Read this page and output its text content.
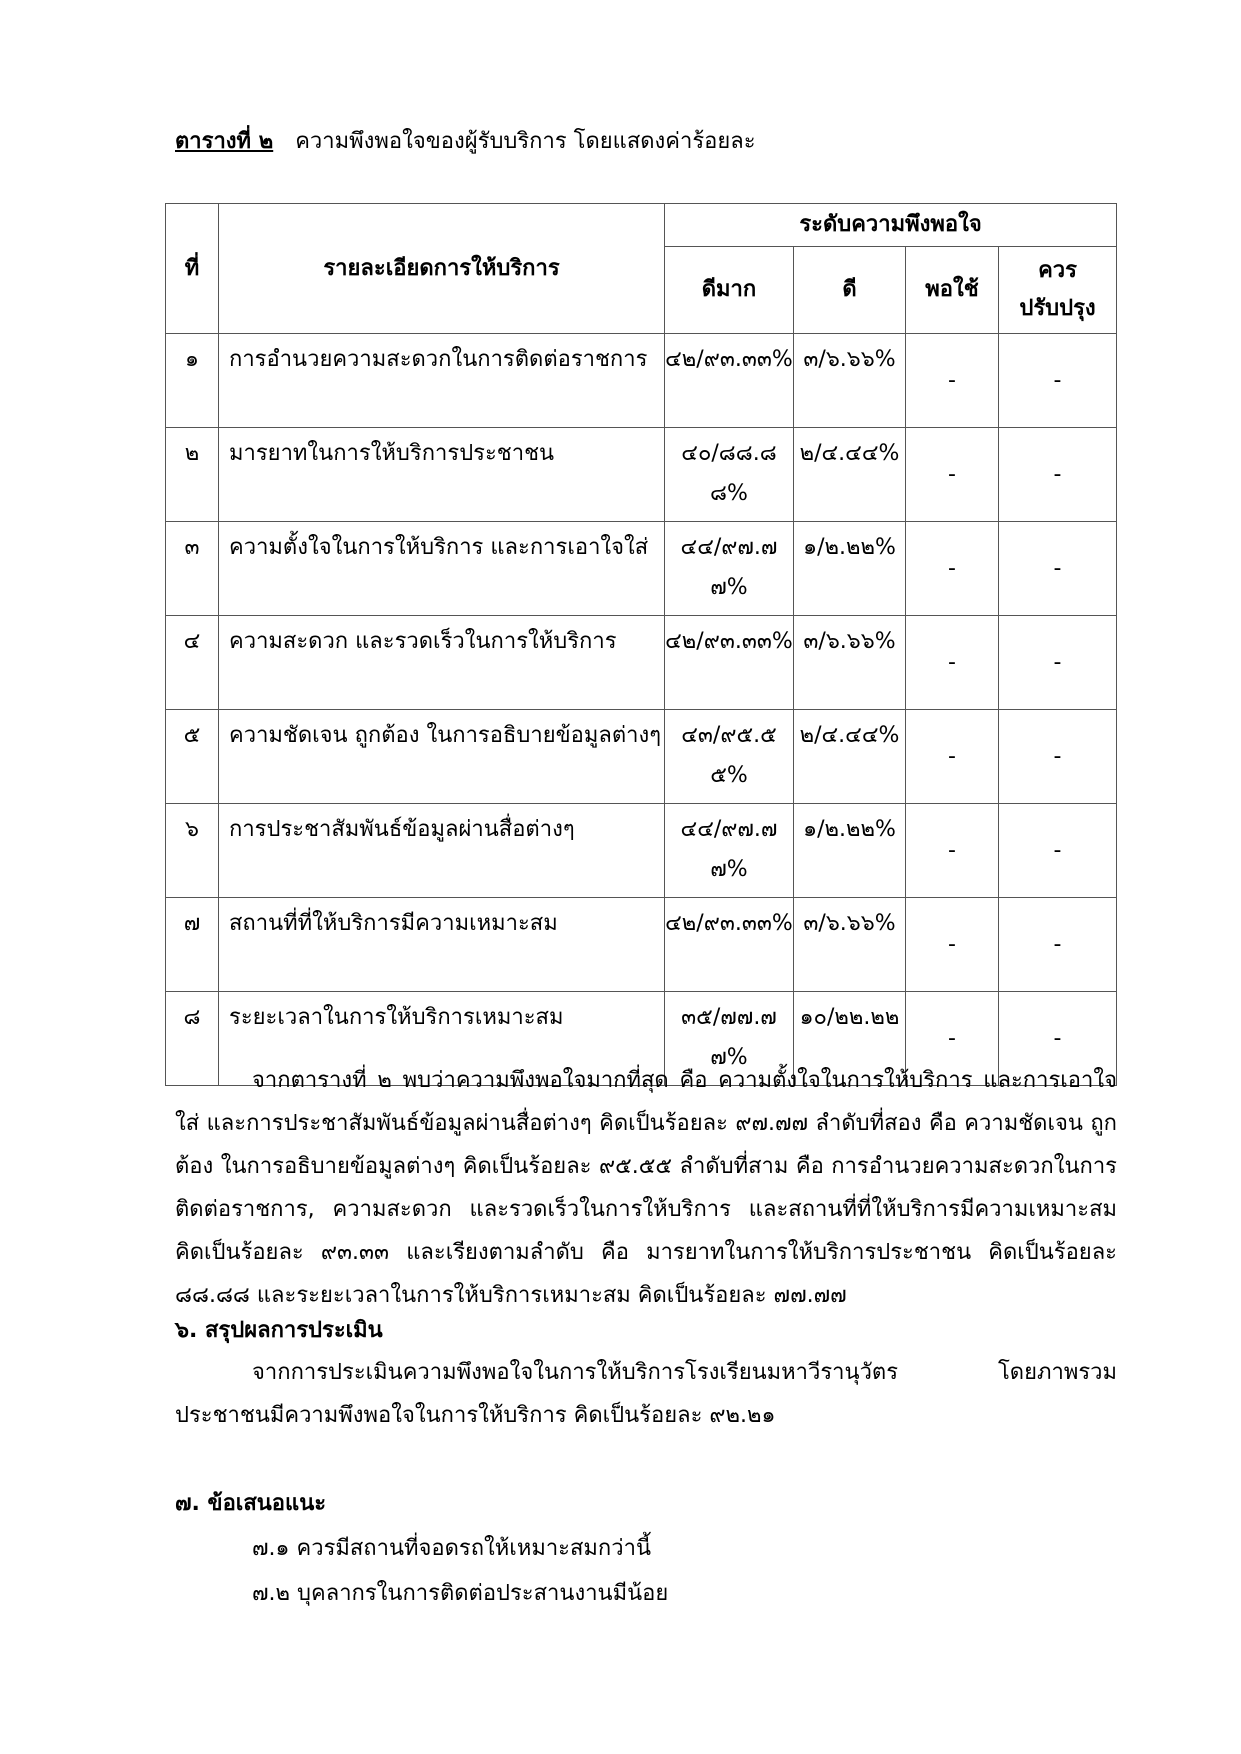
ตารางที่ ๒ ความพึงพอใจของผู้รับบริการ โดยแสดงค่าร้อยละ
ที่	รายละเอียดการให้บริการ	ระดับความพึงพอใจ			
		ดีมาก	ดี	พอใช้	ควร ปรับปรุง
๑	การอำนวยความสะดวกในการติดต่อราชการ	๔๒/๙๓.๓๓%	๓/๖.๖๖%	-	-
๒	มารยาทในการให้บริการประชาชน	๔๐/๘๘.๘๘%	๒/๔.๔๔%	-	-
๓	ความตั้งใจในการให้บริการ และการเอาใจใส่	๔๔/๙๗.๗๗%	๑/๒.๒๒%	-	-
๔	ความสะดวก และรวดเร็วในการให้บริการ	๔๒/๙๓.๓๓%	๓/๖.๖๖%	-	-
๕	ความชัดเจน ถูกต้อง ในการอธิบายข้อมูลต่างๆ	๔๓/๙๕.๕๕%	๒/๔.๔๔%	-	-
๖	การประชาสัมพันธ์ข้อมูลผ่านสื่อต่างๆ	๔๔/๙๗.๗๗%	๑/๒.๒๒%	-	-
๗	สถานที่ที่ให้บริการมีความเหมาะสม	๔๒/๙๓.๓๓%	๓/๖.๖๖%	-	-
๘	ระยะเวลาในการให้บริการเหมาะสม	๓๕/๗๗.๗๗%	๑๐/๒๒.๒๒	-	-

จากตารางที่ ๒ พบว่าความพึงพอใจมากที่สุด คือ ความตั้งใจในการให้บริการ และการเอาใจใส่ และการประชาสัมพันธ์ข้อมูลผ่านสื่อต่างๆ คิดเป็นร้อยละ ๙๗.๗๗ ลำดับที่สอง คือ ความชัดเจน ถูกต้อง ในการอธิบายข้อมูลต่างๆ คิดเป็นร้อยละ ๙๕.๕๕ ลำดับที่สาม คือ การอำนวยความสะดวกในการติดต่อราชการ, ความสะดวก และรวดเร็วในการให้บริการ และสถานที่ที่ให้บริการมีความเหมาะสม คิดเป็นร้อยละ ๙๓.๓๓ และเรียงตามลำดับ คือ มารยาทในการให้บริการประชาชน คิดเป็นร้อยละ ๘๘.๘๘ และระยะเวลาในการให้บริการเหมาะสม คิดเป็นร้อยละ ๗๗.๗๗

๖. สรุปผลการประเมิน

จากการประเมินความพึงพอใจในการให้บริการโรงเรียนมหาวีรานุวัตร โดยภาพรวมประชาชนมีความพึงพอใจในการให้บริการ คิดเป็นร้อยละ ๙๒.๒๑

๗. ข้อเสนอแนะ

๗.๑ ควรมีสถานที่จอดรถให้เหมาะสมกว่านี้

๗.๒ บุคลากรในการติดต่อประสานงานมีน้อย
